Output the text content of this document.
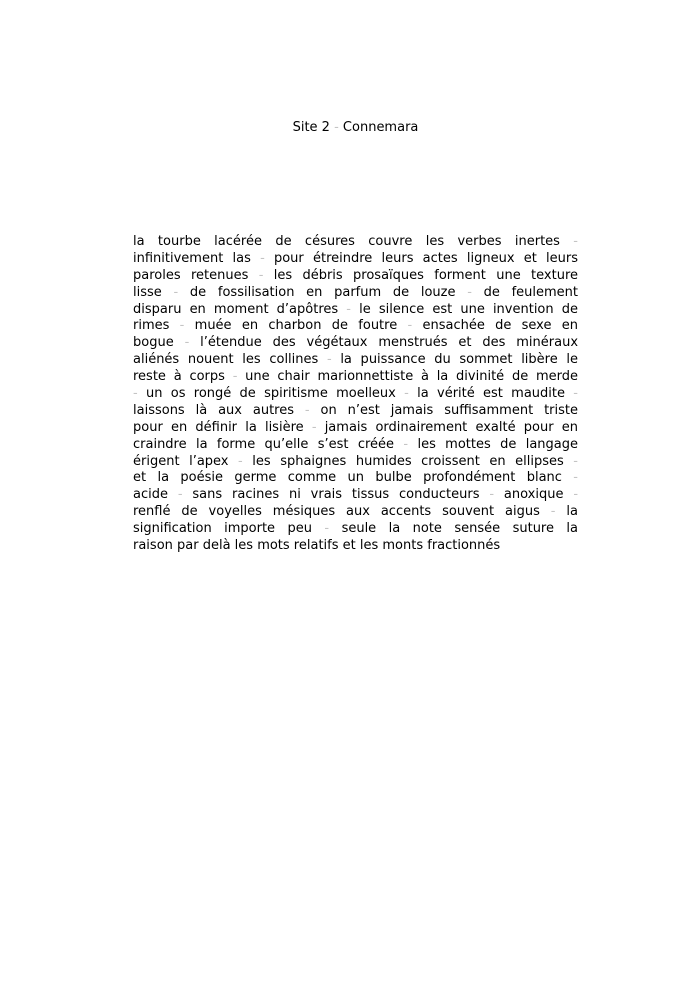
Site 2 - Connemara
la tourbe lacérée de césures couvre les verbes inertes -
infinitivement las - pour étreindre leurs actes ligneux et leurs
paroles retenues - les débris prosaïques forment une texture
lisse - de fossilisation en parfum de louze - de feulement
disparu en moment d’apôtres - le silence est une invention de
rimes - muée en charbon de foutre - ensachée de sexe en
bogue - l’étendue des végétaux menstrués et des minéraux
aliénés nouent les collines - la puissance du sommet libère le
reste à corps - une chair marionnettiste à la divinité de merde
- un os rongé de spiritisme moelleux - la vérité est maudite -
laissons là aux autres - on n’est jamais suffisamment triste
pour en définir la lisière - jamais ordinairement exalté pour en
craindre la forme qu’elle s’est créée - les mottes de langage
érigent l’apex - les sphaignes humides croissent en ellipses -
et la poésie germe comme un bulbe profondément blanc -
acide - sans racines ni vrais tissus conducteurs - anoxique -
renflé de voyelles mésiques aux accents souvent aigus - la
signification importe peu - seule la note sensée suture la
raison par delà les mots relatifs et les monts fractionnés
